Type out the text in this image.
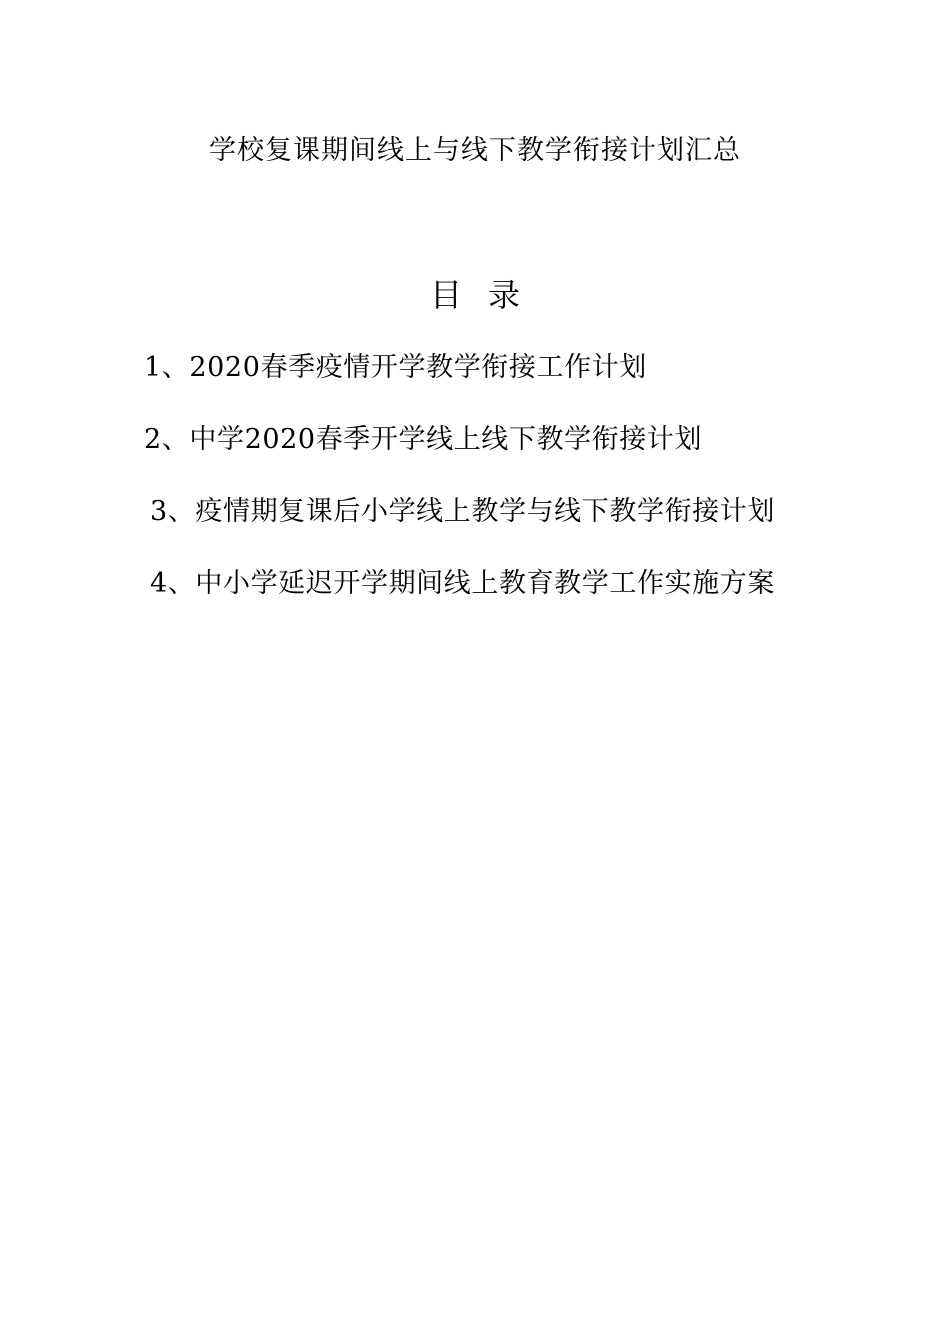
学校复课期间线上与线下教学衔接计划汇总
目录
1、2020春季疫情开学教学衔接工作计划
2、中学2020春季开学线上线下教学衔接计划
3、疫情期复课后小学线上教学与线下教学衔接计划
4、中小学延迟开学期间线上教育教学工作实施方案
